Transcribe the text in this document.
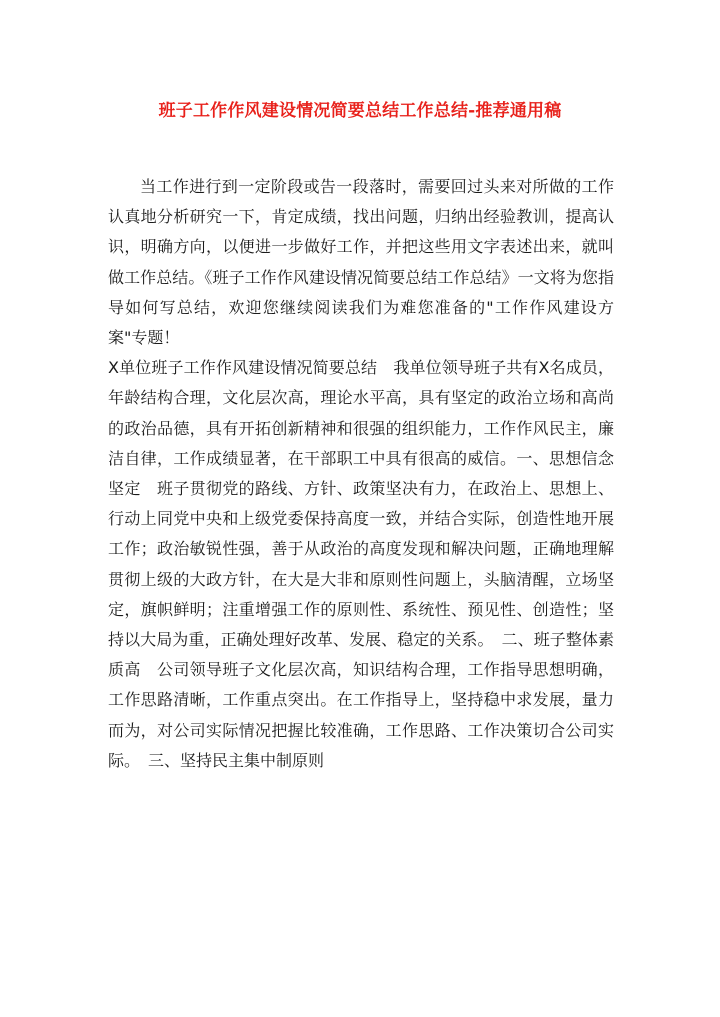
班子工作作风建设情况简要总结工作总结-推荐通用稿

当工作进行到一定阶段或告一段落时，需要回过头来对所做的工作认真地分析研究一下，肯定成绩，找出问题，归纳出经验教训，提高认识，明确方向，以便进一步做好工作，并把这些用文字表述出来，就叫做工作总结。《班子工作作风建设情况简要总结工作总结》一文将为您指导如何写总结，欢迎您继续阅读我们为难您准备的"工作作风建设方案"专题！

X单位班子工作作风建设情况简要总结　我单位领导班子共有X名成员，年龄结构合理，文化层次高，理论水平高，具有坚定的政治立场和高尚的政治品德，具有开拓创新精神和很强的组织能力，工作作风民主，廉洁自律，工作成绩显著，在干部职工中具有很高的威信。一、思想信念坚定　班子贯彻党的路线、方针、政策坚决有力，在政治上、思想上、行动上同党中央和上级党委保持高度一致，并结合实际，创造性地开展工作；政治敏锐性强，善于从政治的高度发现和解决问题，正确地理解贯彻上级的大政方针，在大是大非和原则性问题上，头脑清醒，立场坚定，旗帜鲜明；注重增强工作的原则性、系统性、预见性、创造性；坚持以大局为重，正确处理好改革、发展、稳定的关系。　二、班子整体素质高　公司领导班子文化层次高，知识结构合理，工作指导思想明确，工作思路清晰，工作重点突出。在工作指导上，坚持稳中求发展，量力而为，对公司实际情况把握比较准确，工作思路、工作决策切合公司实际。　三、坚持民主集中制原则
